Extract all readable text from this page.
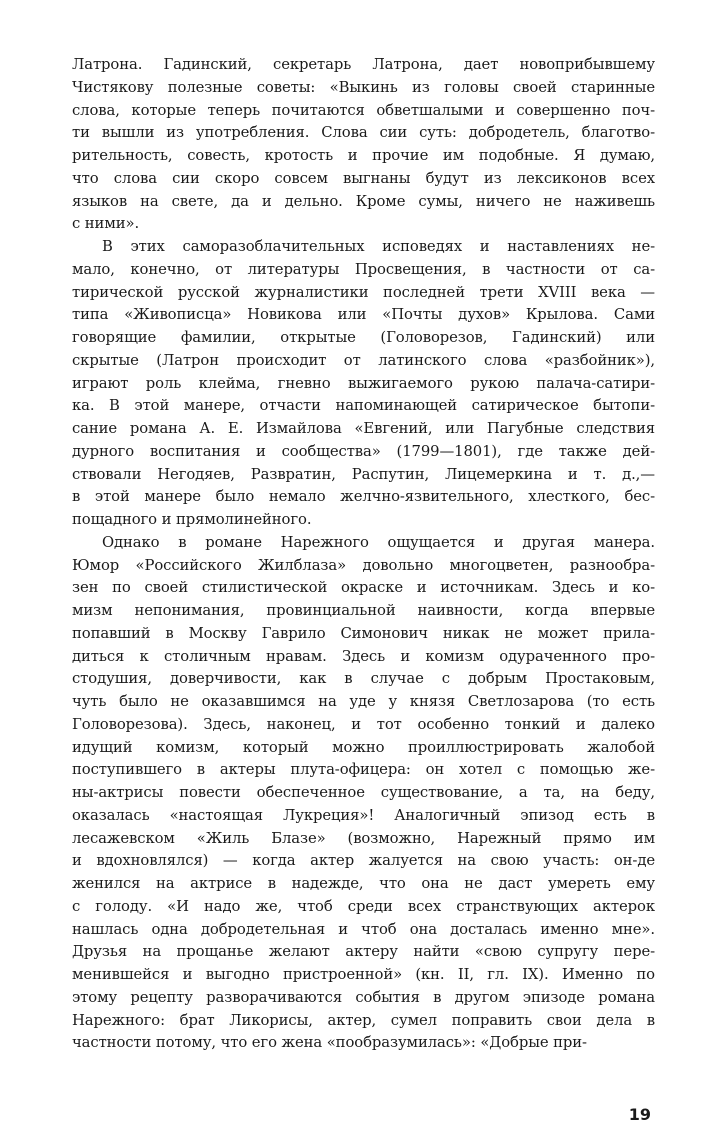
Латрона. Гадинский, секретарь Латрона, дает новоприбывшему
Чистякову полезные советы: «Выкинь из головы своей старинные
слова, которые теперь почитаются обветшалыми и совершенно поч-
ти вышли из употребления. Слова сии суть: добродетель, благотво-
рительность, совесть, кротость и прочие им подобные. Я думаю,
что слова сии скоро совсем выгнаны будут из лексиконов всех
языков на свете, да и дельно. Кроме сумы, ничего не наживешь
с ними».
В этих саморазоблачительных исповедях и наставлениях не-
мало, конечно, от литературы Просвещения, в частности от са-
тирической русской журналистики последней трети XVIII века —
типа «Живописца» Новикова или «Почты духов» Крылова. Сами
говорящие фамилии, открытые (Головорезов, Гадинский) или
скрытые (Латрон происходит от латинского слова «разбойник»),
играют роль клейма, гневно выжигаемого рукою палача-сатири-
ка. В этой манере, отчасти напоминающей сатирическое бытопи-
сание романа А. Е. Измайлова «Евгений, или Пагубные следствия
дурного воспитания и сообщества» (1799—1801), где также дей-
ствовали Негодяев, Развратин, Распутин, Лицемеркина и т. д.,—
в этой манере было немало желчно-язвительного, хлесткого, бес-
пощадного и прямолинейного.
Однако в романе Нарежного ощущается и другая манера.
Юмор «Российского Жилблаза» довольно многоцветен, разнообра-
зен по своей стилистической окраске и источникам. Здесь и ко-
мизм непонимания, провинциальной наивности, когда впервые
попавший в Москву Гаврило Симонович никак не может прила-
диться к столичным нравам. Здесь и комизм одураченного про-
стодушия, доверчивости, как в случае с добрым Простаковым,
чуть было не оказавшимся на уде у князя Светлозарова (то есть
Головорезова). Здесь, наконец, и тот особенно тонкий и далеко
идущий комизм, который можно проиллюстрировать жалобой
поступившего в актеры плута-офицера: он хотел с помощью же-
ны-актрисы повести обеспеченное существование, а та, на беду,
оказалась «настоящая Лукреция»! Аналогичный эпизод есть в
лесажевском «Жиль Блазе» (возможно, Нарежный прямо им
и вдохновлялся) — когда актер жалуется на свою участь: он-де
женился на актрисе в надежде, что она не даст умереть ему
с голоду. «И надо же, чтоб среди всех странствующих актерок
нашлась одна добродетельная и чтоб она досталась именно мне».
Друзья на прощанье желают актеру найти «свою супругу пере-
менившейся и выгодно пристроенной» (кн. II, гл. IX). Именно по
этому рецепту разворачиваются события в другом эпизоде романа
Нарежного: брат Ликорисы, актер, сумел поправить свои дела в
частности потому, что его жена «пообразумилась»: «Добрые при-
19
